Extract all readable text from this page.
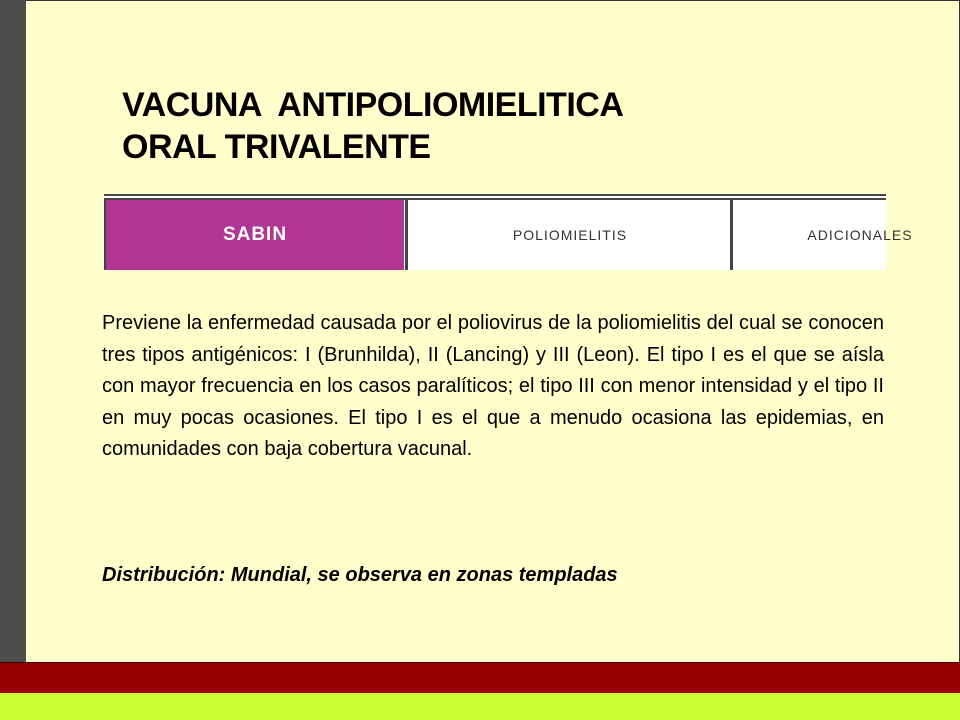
VACUNA  ANTIPOLIOMIELITICA
ORAL TRIVALENTE
SABIN	POLIOMIELITIS	ADICIONALES
Previene la enfermedad causada por el poliovirus de la poliomielitis del cual se conocen tres tipos antigénicos: I (Brunhilda), II (Lancing) y III (Leon). El tipo I es el que se aísla con mayor frecuencia en los casos paralíticos; el tipo III con menor intensidad y el tipo II en muy pocas ocasiones. El tipo I es el que a menudo ocasiona las epidemias, en comunidades con baja cobertura vacunal.
Distribución: Mundial, se observa en zonas templadas
